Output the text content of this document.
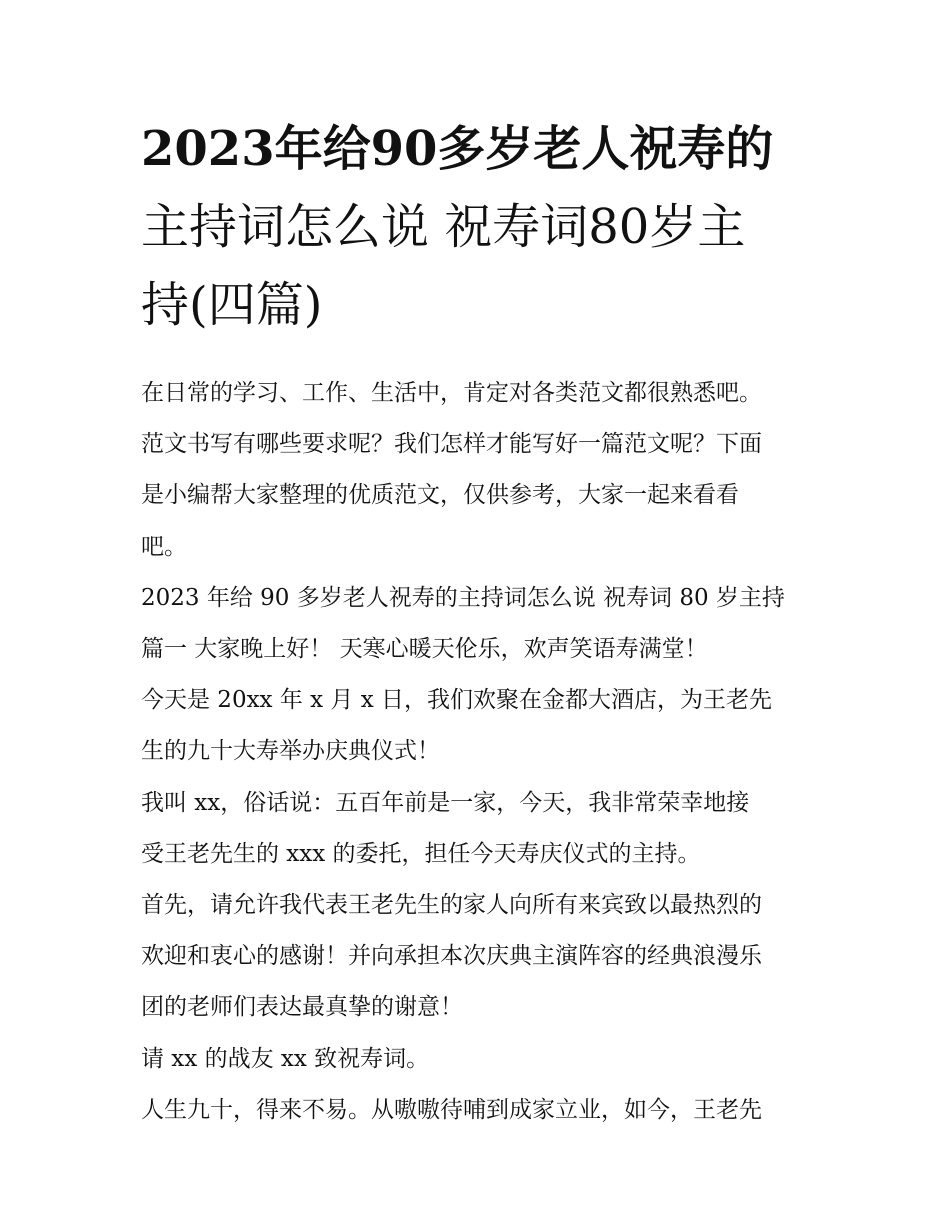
2023年给90多岁老人祝寿的
主持词怎么说 祝寿词80岁主
持(四篇)

在日常的学习、工作、生活中，肯定对各类范文都很熟悉吧。

范文书写有哪些要求呢？我们怎样才能写好一篇范文呢？下面

是小编帮大家整理的优质范文，仅供参考，大家一起来看看

吧。

2023 年给 90 多岁老人祝寿的主持词怎么说 祝寿词 80 岁主持

篇一 大家晚上好！ 天寒心暖天伦乐，欢声笑语寿满堂！

今天是 20xx 年 x 月 x 日，我们欢聚在金都大酒店，为王老先

生的九十大寿举办庆典仪式！

我叫 xx，俗话说：五百年前是一家，今天，我非常荣幸地接

受王老先生的 xxx 的委托，担任今天寿庆仪式的主持。

首先，请允许我代表王老先生的家人向所有来宾致以最热烈的

欢迎和衷心的感谢！并向承担本次庆典主演阵容的经典浪漫乐

团的老师们表达最真挚的谢意！

请 xx 的战友 xx 致祝寿词。

人生九十，得来不易。从嗷嗷待哺到成家立业，如今，王老先
